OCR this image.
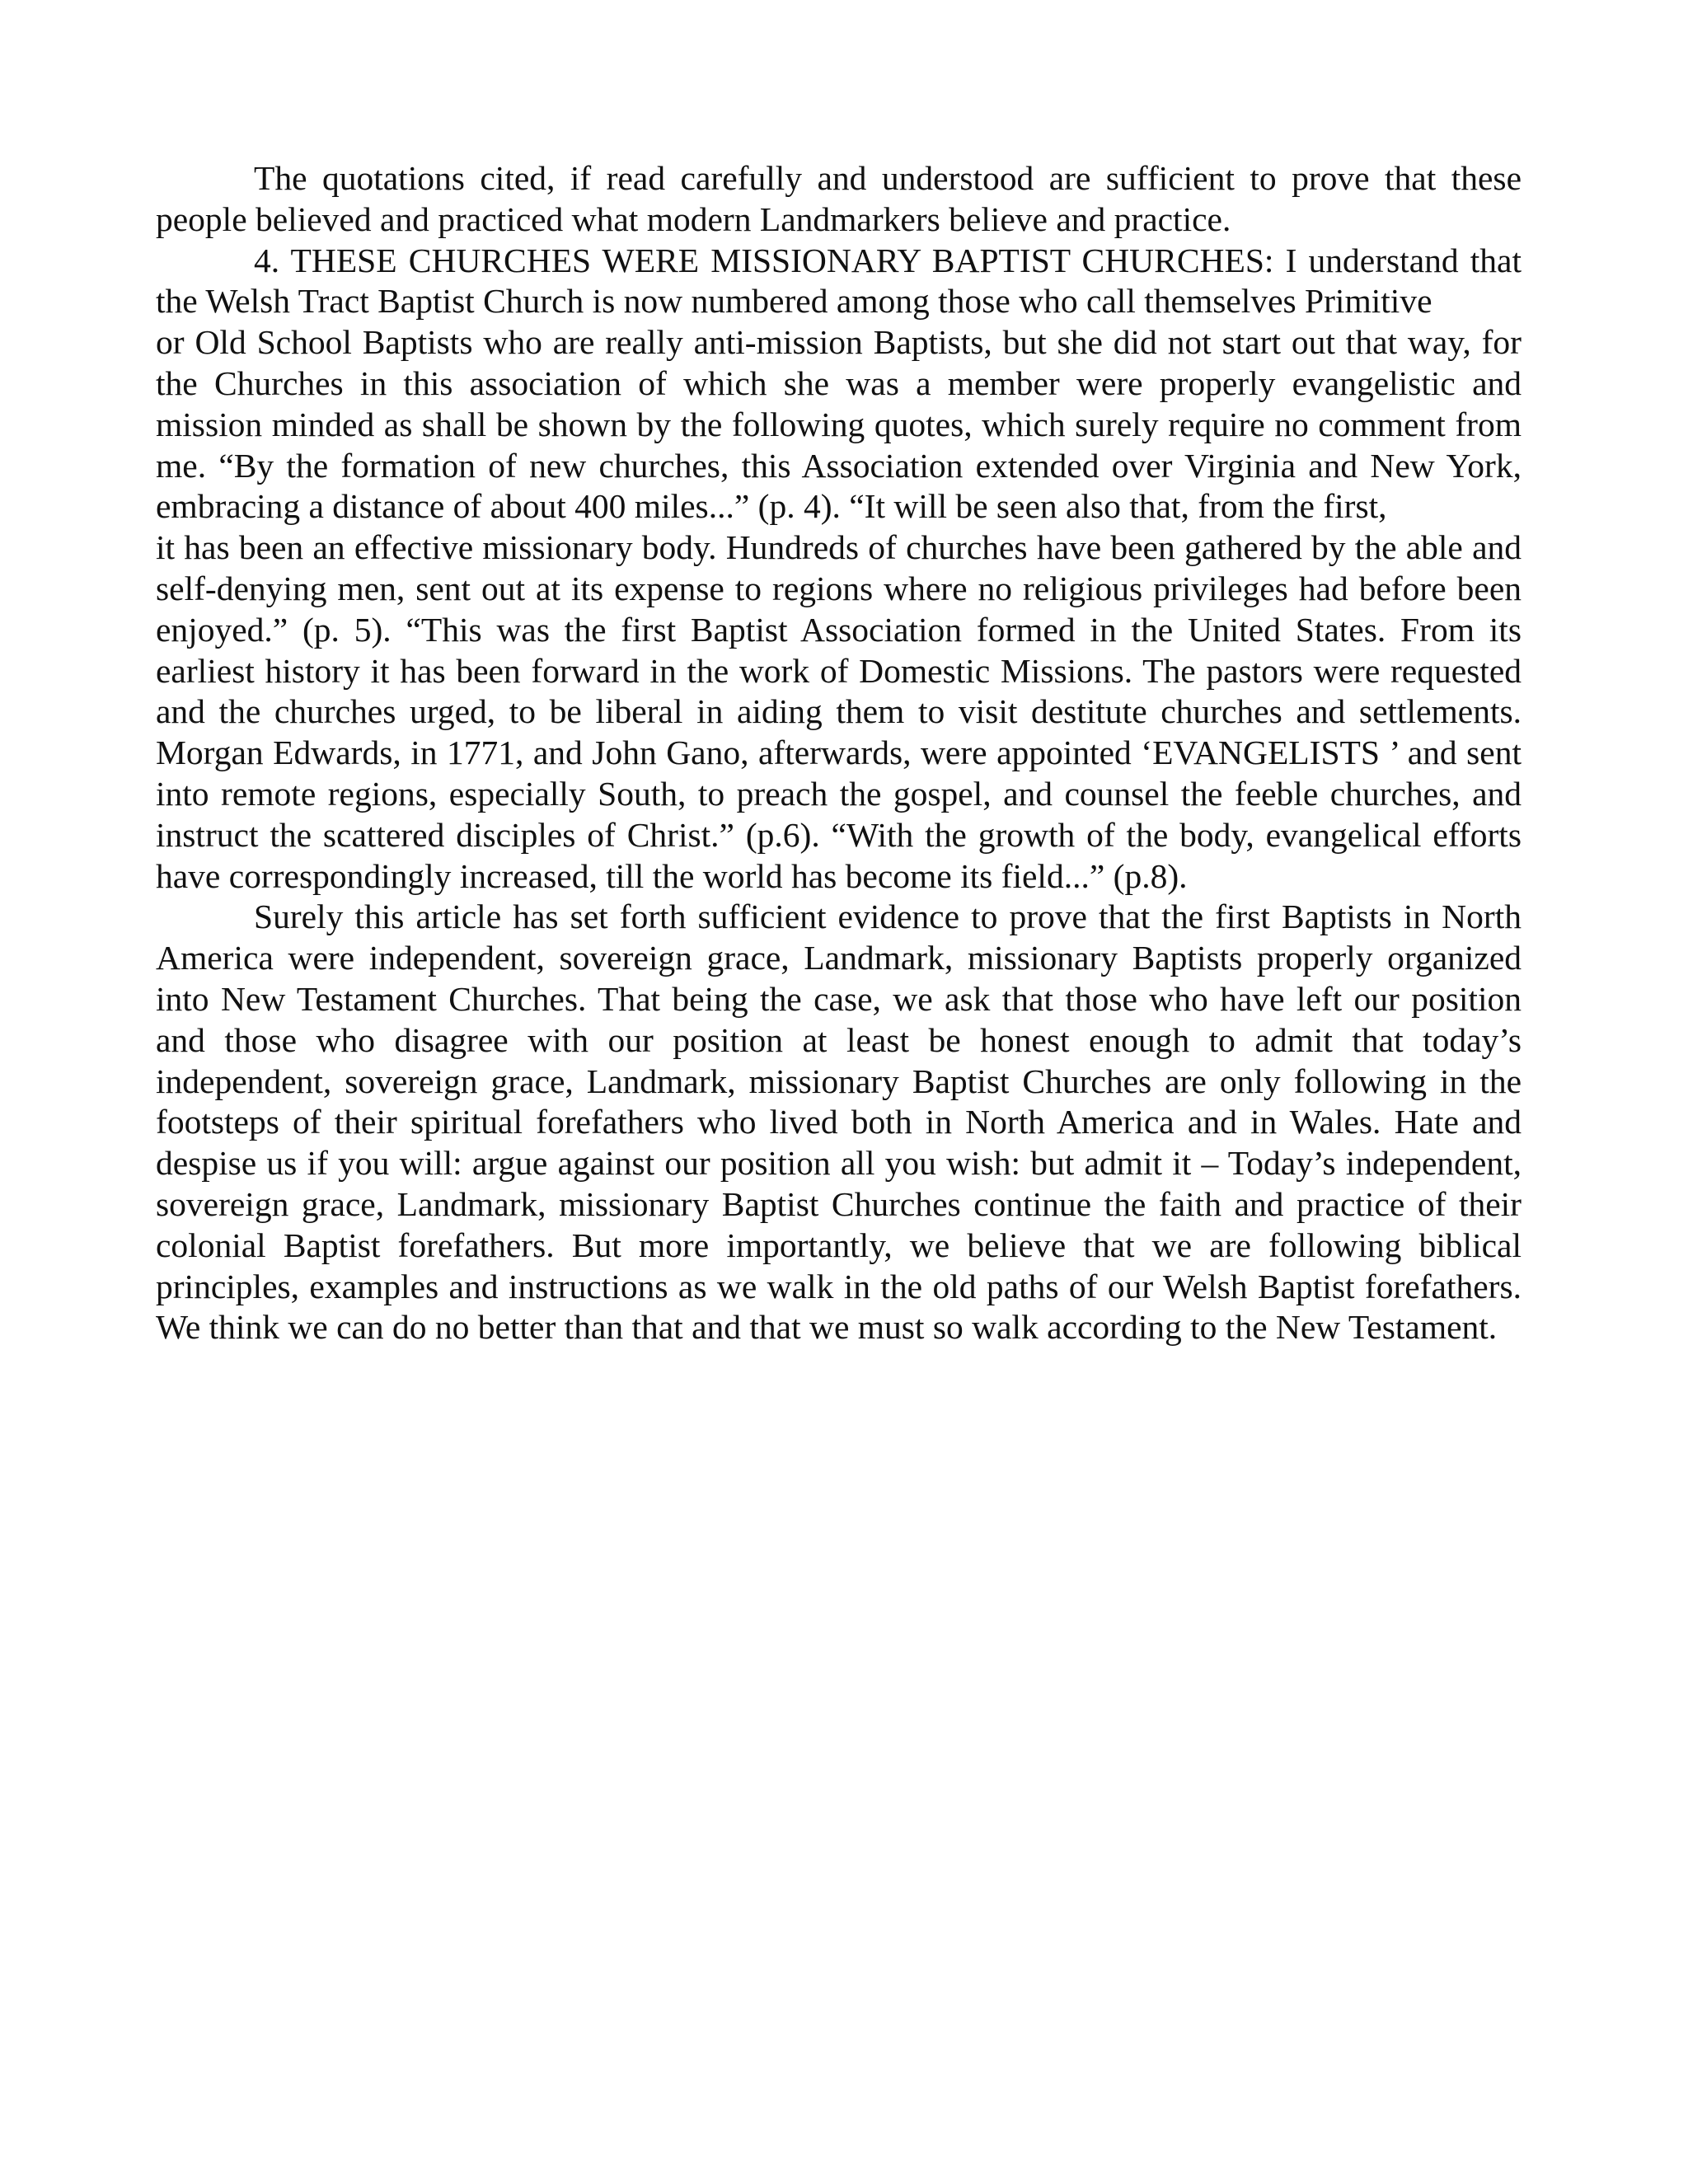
The quotations cited, if read carefully and understood are sufficient to prove that these people believed and practiced what modern Landmarkers believe and practice.

4. THESE CHURCHES WERE MISSIONARY BAPTIST CHURCHES: I understand that the Welsh Tract Baptist Church is now numbered among those who call themselves Primitive
or Old School Baptists who are really anti-mission Baptists, but she did not start out that way, for the Churches in this association of which she was a member were properly evangelistic and mission minded as shall be shown by the following quotes, which surely require no comment from me. “By the formation of new churches, this Association extended over Virginia and New York, embracing a distance of about 400 miles...” (p. 4). “It will be seen also that, from the first,
it has been an effective missionary body. Hundreds of churches have been gathered by the able and self-denying men, sent out at its expense to regions where no religious privileges had before been enjoyed.” (p. 5). “This was the first Baptist Association formed in the United States. From its earliest history it has been forward in the work of Domestic Missions. The pastors were requested and the churches urged, to be liberal in aiding them to visit destitute churches and settlements. Morgan Edwards, in 1771, and John Gano, afterwards, were appointed ‘EVANGELISTS ’ and sent into remote regions, especially South, to preach the gospel, and counsel the feeble churches, and instruct the scattered disciples of Christ.” (p.6). “With the growth of the body, evangelical efforts have correspondingly increased, till the world has become its field...” (p.8).

Surely this article has set forth sufficient evidence to prove that the first Baptists in North America were independent, sovereign grace, Landmark, missionary Baptists properly organized into New Testament Churches. That being the case, we ask that those who have left our position and those who disagree with our position at least be honest enough to admit that today’s independent, sovereign grace, Landmark, missionary Baptist Churches are only following in the footsteps of their spiritual forefathers who lived both in North America and in Wales. Hate and despise us if you will: argue against our position all you wish: but admit it – Today’s independent, sovereign grace, Landmark, missionary Baptist Churches continue the faith and practice of their colonial Baptist forefathers. But more importantly, we believe that we are following biblical principles, examples and instructions as we walk in the old paths of our Welsh Baptist forefathers. We think we can do no better than that and that we must so walk according to the New Testament.
